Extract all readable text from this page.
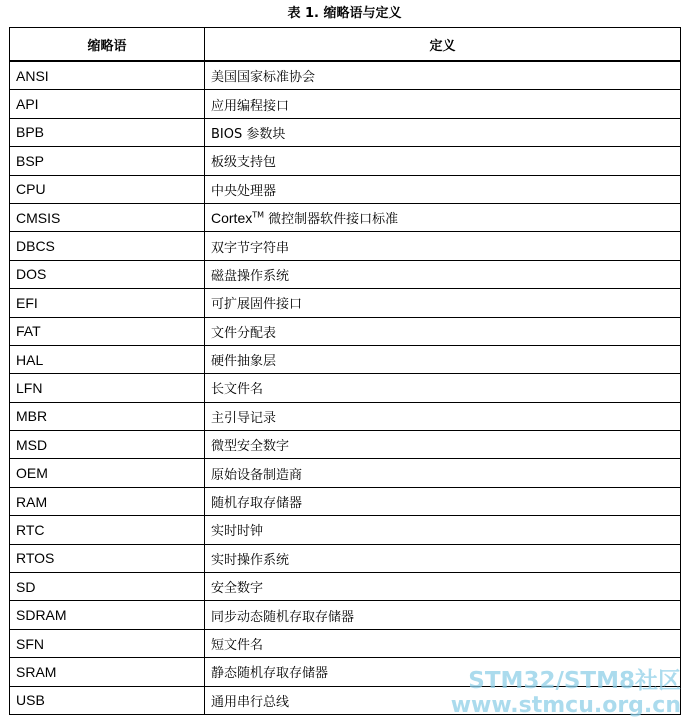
表 1. 缩略语与定义
缩略语	定义
ANSI	美国国家标准协会
API	应用编程接口
BPB	BIOS 参数块
BSP	板级支持包
CPU	中央处理器
CMSIS	Cortex™ 微控制器软件接口标准
DBCS	双字节字符串
DOS	磁盘操作系统
EFI	可扩展固件接口
FAT	文件分配表
HAL	硬件抽象层
LFN	长文件名
MBR	主引导记录
MSD	微型安全数字
OEM	原始设备制造商
RAM	随机存取存储器
RTC	实时时钟
RTOS	实时操作系统
SD	安全数字
SDRAM	同步动态随机存取存储器
SFN	短文件名
SRAM	静态随机存取存储器
USB	通用串行总线
STM32/STM8社区
www.stmcu.org.cn
